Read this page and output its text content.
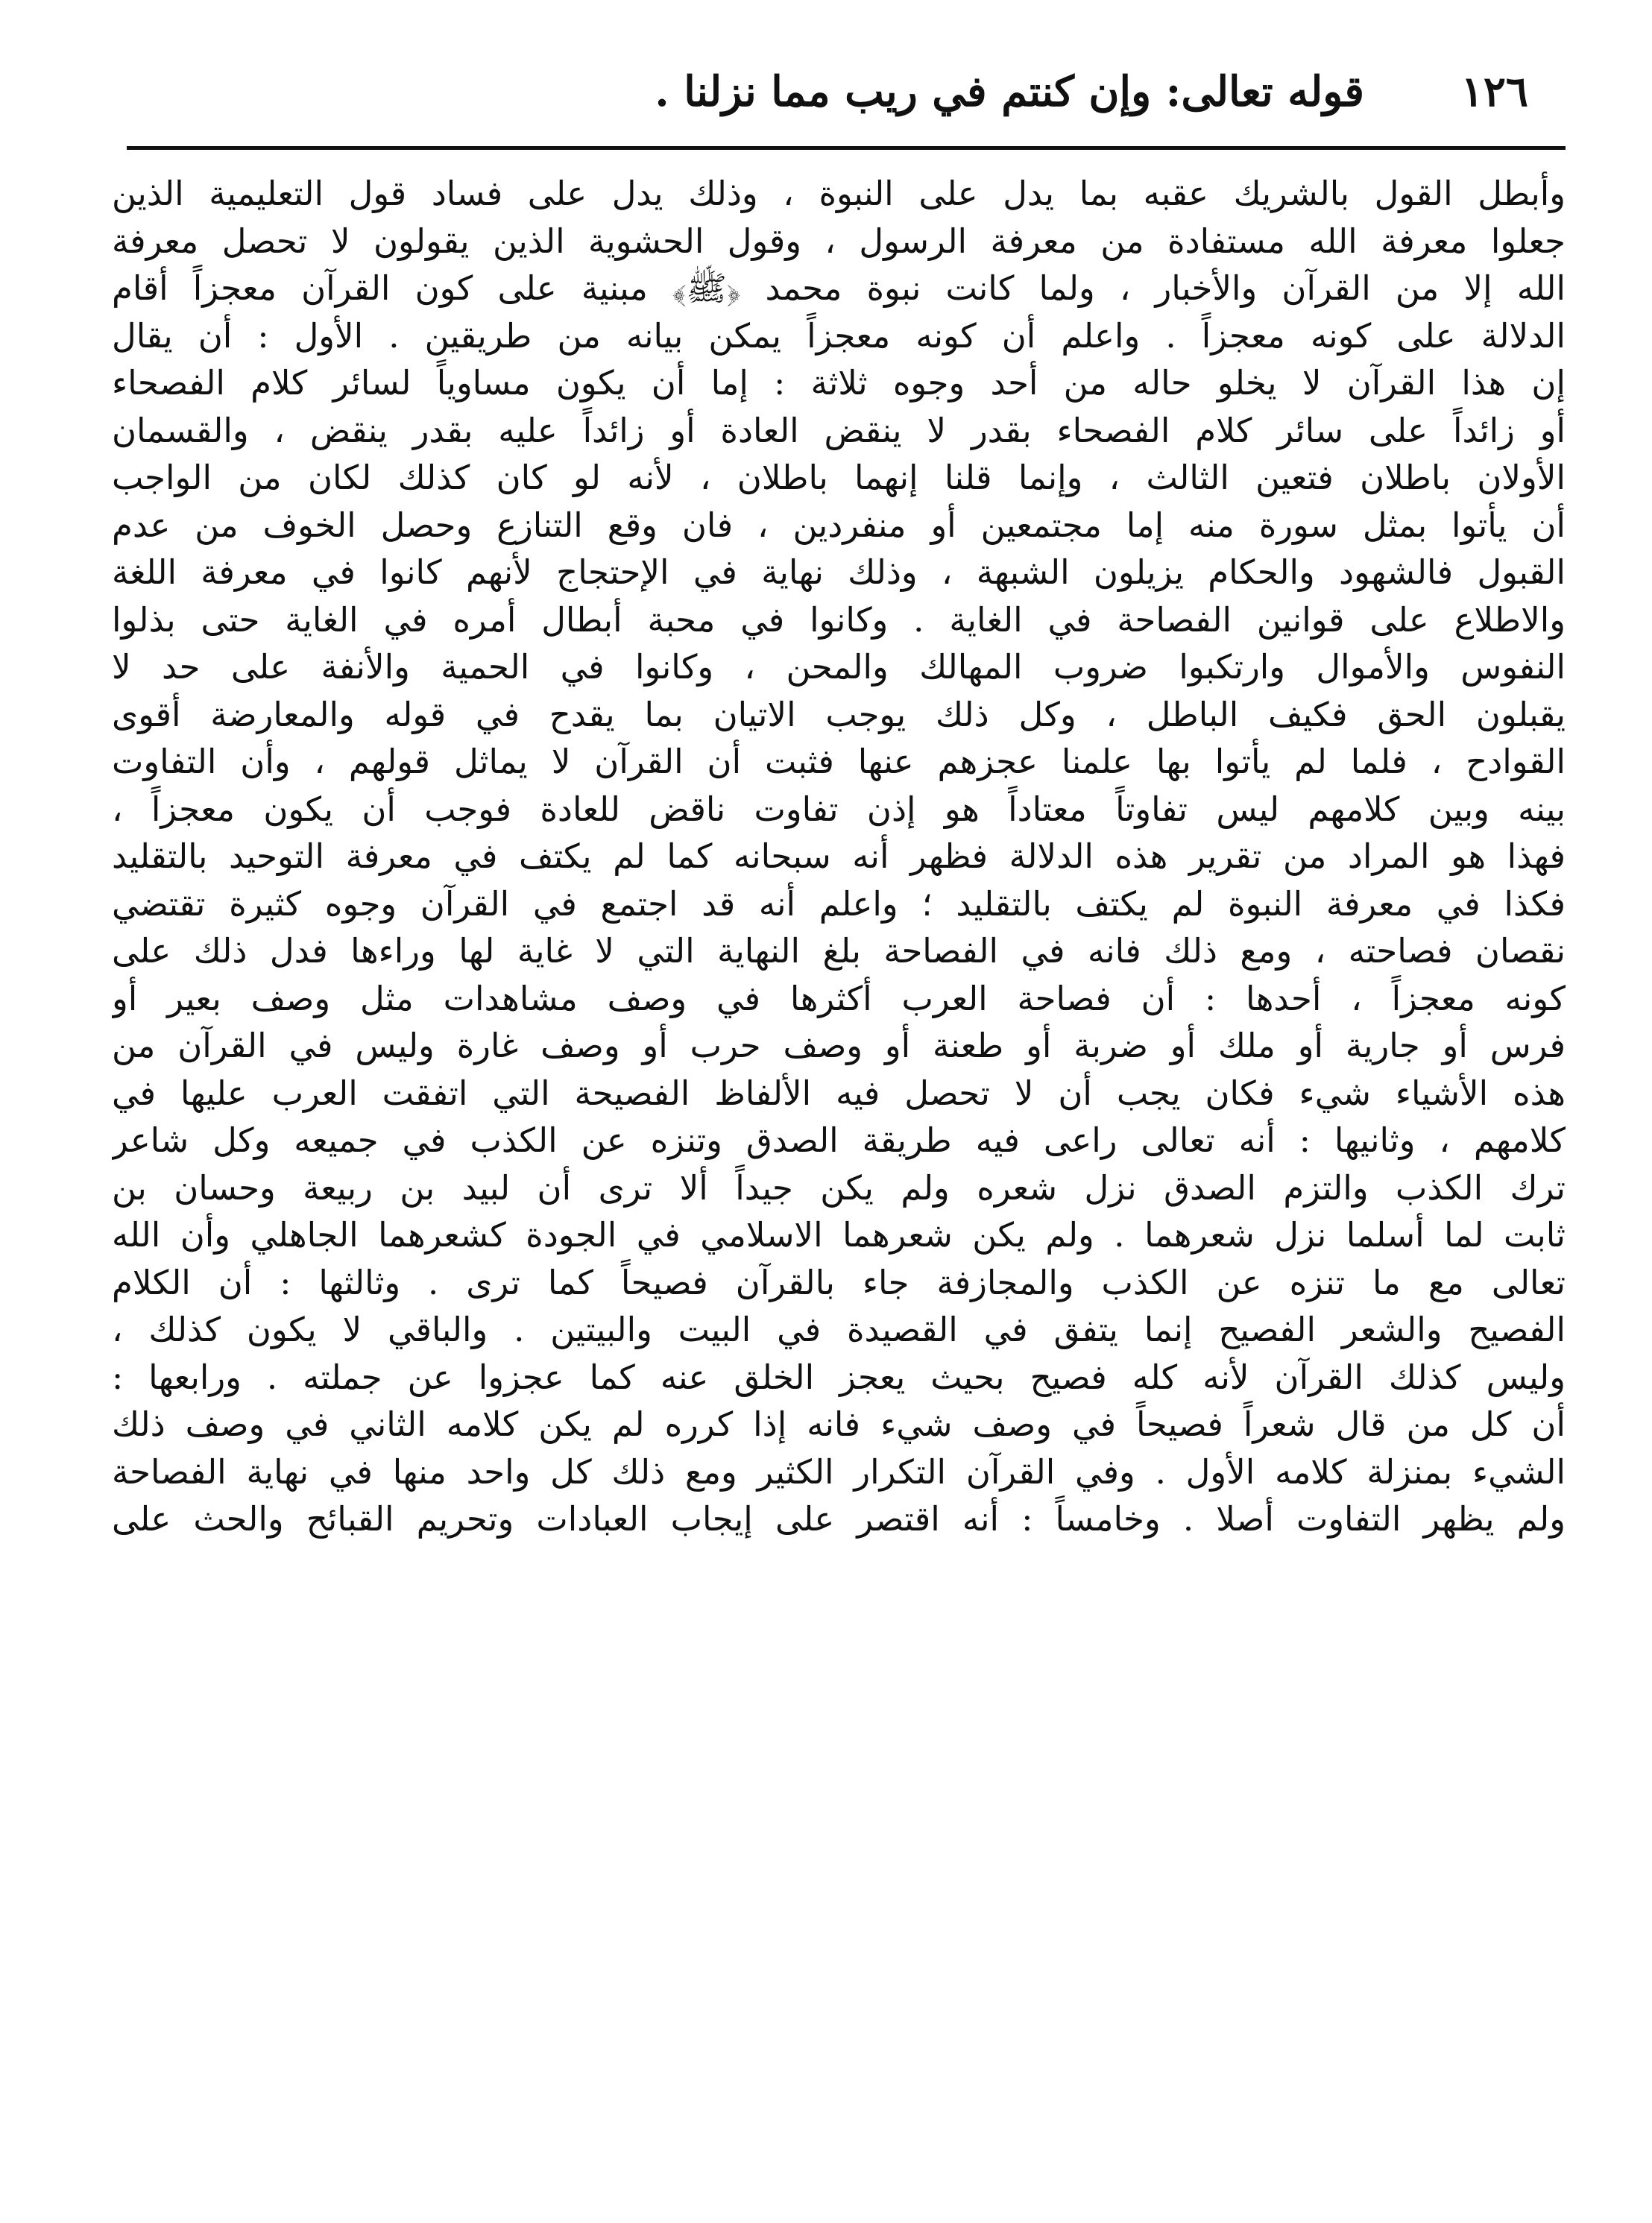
١٢٦
قوله تعالى: وإن كنتم في ريب مما نزلنا .
وأبطل القول بالشريك عقبه بما يدل على النبوة ، وذلك يدل على فساد قول التعليمية الذين
جعلوا معرفة الله مستفادة من معرفة الرسول ، وقول الحشوية الذين يقولون لا تحصل معرفة
الله إلا من القرآن والأخبار ، ولما كانت نبوة محمد ﴿ﷺ﴾ مبنية على كون القرآن معجزاً أقام
الدلالة على كونه معجزاً . واعلم أن كونه معجزاً يمكن بيانه من طريقين . الأول : أن يقال
إن هذا القرآن لا يخلو حاله من أحد وجوه ثلاثة : إما أن يكون مساوياً لسائر كلام الفصحاء
أو زائداً على سائر كلام الفصحاء بقدر لا ينقض العادة أو زائداً عليه بقدر ينقض ، والقسمان
الأولان باطلان فتعين الثالث ، وإنما قلنا إنهما باطلان ، لأنه لو كان كذلك لكان من الواجب
أن يأتوا بمثل سورة منه إما مجتمعين أو منفردين ، فان وقع التنازع وحصل الخوف من عدم
القبول فالشهود والحكام يزيلون الشبهة ، وذلك نهاية في الإحتجاج لأنهم كانوا في معرفة اللغة
والاطلاع على قوانين الفصاحة في الغاية . وكانوا في محبة أبطال أمره في الغاية حتى بذلوا
النفوس والأموال وارتكبوا ضروب المهالك والمحن ، وكانوا في الحمية والأنفة على حد لا
يقبلون الحق فكيف الباطل ، وكل ذلك يوجب الاتيان بما يقدح في قوله والمعارضة أقوى
القوادح ، فلما لم يأتوا بها علمنا عجزهم عنها فثبت أن القرآن لا يماثل قولهم ، وأن التفاوت
بينه وبين كلامهم ليس تفاوتاً معتاداً هو إذن تفاوت ناقض للعادة فوجب أن يكون معجزاً ،
فهذا هو المراد من تقرير هذه الدلالة فظهر أنه سبحانه كما لم يكتف في معرفة التوحيد بالتقليد
فكذا في معرفة النبوة لم يكتف بالتقليد ؛ واعلم أنه قد اجتمع في القرآن وجوه كثيرة تقتضي
نقصان فصاحته ، ومع ذلك فانه في الفصاحة بلغ النهاية التي لا غاية لها وراءها فدل ذلك على
كونه معجزاً ، أحدها : أن فصاحة العرب أكثرها في وصف مشاهدات مثل وصف بعير أو
فرس أو جارية أو ملك أو ضربة أو طعنة أو وصف حرب أو وصف غارة وليس في القرآن من
هذه الأشياء شيء فكان يجب أن لا تحصل فيه الألفاظ الفصيحة التي اتفقت العرب عليها في
كلامهم ، وثانيها : أنه تعالى راعى فيه طريقة الصدق وتنزه عن الكذب في جميعه وكل شاعر
ترك الكذب والتزم الصدق نزل شعره ولم يكن جيداً ألا ترى أن لبيد بن ربيعة وحسان بن
ثابت لما أسلما نزل شعرهما . ولم يكن شعرهما الاسلامي في الجودة كشعرهما الجاهلي وأن الله
تعالى مع ما تنزه عن الكذب والمجازفة جاء بالقرآن فصيحاً كما ترى . وثالثها : أن الكلام
الفصيح والشعر الفصيح إنما يتفق في القصيدة في البيت والبيتين . والباقي لا يكون كذلك ،
وليس كذلك القرآن لأنه كله فصيح بحيث يعجز الخلق عنه كما عجزوا عن جملته . ورابعها :
أن كل من قال شعراً فصيحاً في وصف شيء فانه إذا كرره لم يكن كلامه الثاني في وصف ذلك
الشيء بمنزلة كلامه الأول . وفي القرآن التكرار الكثير ومع ذلك كل واحد منها في نهاية الفصاحة
ولم يظهر التفاوت أصلا . وخامساً : أنه اقتصر على إيجاب العبادات وتحريم القبائح والحث على
